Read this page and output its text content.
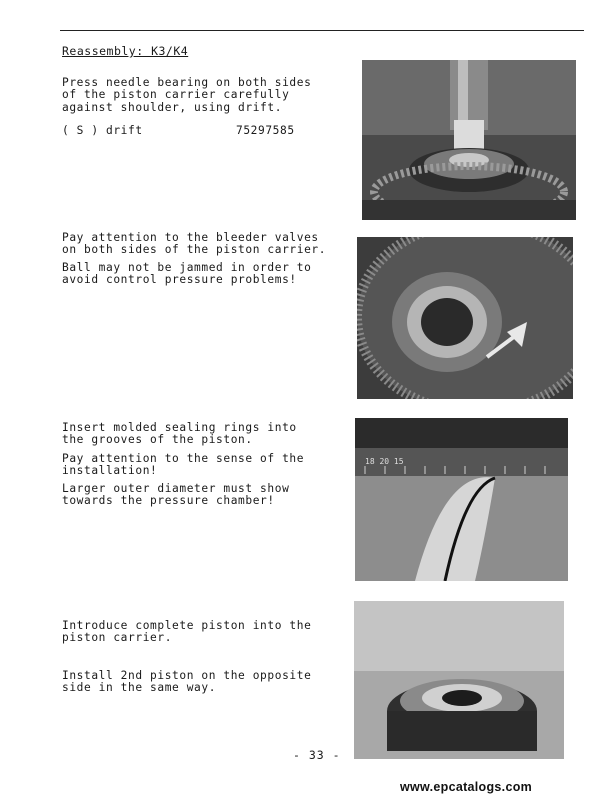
Reassembly: K3/K4
Press needle bearing on both sides
of the piston carrier carefully
against shoulder, using drift.
( S ) drift	75297585
Pay attention to the bleeder valves
on both sides of the piston carrier.
Ball may not be jammed in order to
avoid control pressure problems!
Insert molded sealing rings into
the grooves of the piston.
Pay attention to the sense of the
installation!
Larger outer diameter must show
towards the pressure chamber!
Introduce complete piston into the
piston carrier.
Install 2nd piston on the opposite
side in the same way.
18 20 15
- 33 -
www.epcatalogs.com
